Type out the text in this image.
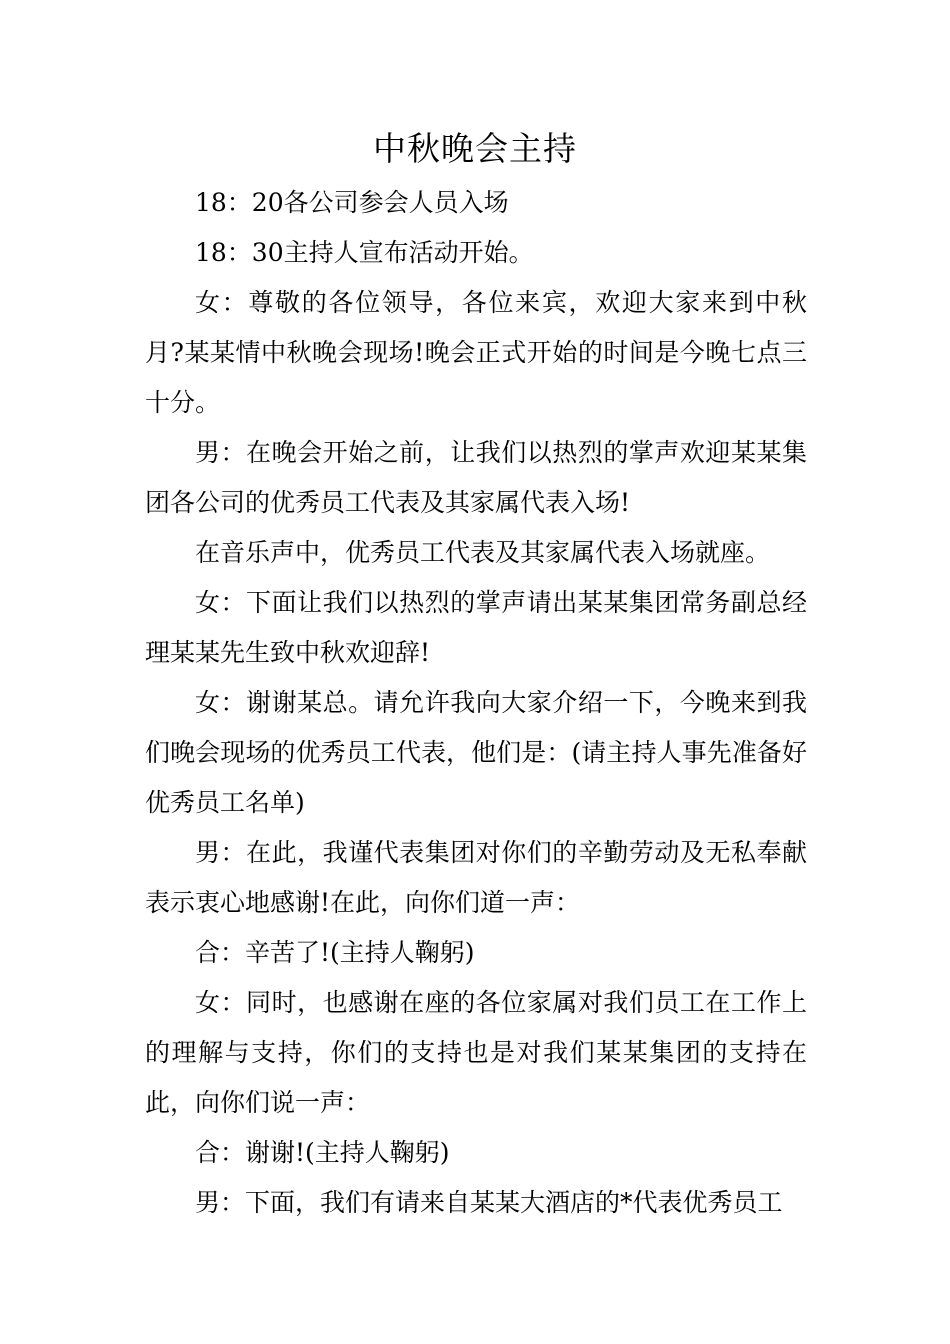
中秋晚会主持

18：20各公司参会人员入场

18：30主持人宣布活动开始。

女：尊敬的各位领导，各位来宾，欢迎大家来到中秋月?某某情中秋晚会现场!晚会正式开始的时间是今晚七点三十分。

男：在晚会开始之前，让我们以热烈的掌声欢迎某某集团各公司的优秀员工代表及其家属代表入场!

在音乐声中，优秀员工代表及其家属代表入场就座。

女：下面让我们以热烈的掌声请出某某集团常务副总经理某某先生致中秋欢迎辞!

女：谢谢某总。请允许我向大家介绍一下，今晚来到我们晚会现场的优秀员工代表，他们是：(请主持人事先准备好优秀员工名单)

男：在此，我谨代表集团对你们的辛勤劳动及无私奉献表示衷心地感谢!在此，向你们道一声：

合：辛苦了!(主持人鞠躬)

女：同时，也感谢在座的各位家属对我们员工在工作上的理解与支持，你们的支持也是对我们某某集团的支持在此，向你们说一声：

合：谢谢!(主持人鞠躬)

男：下面，我们有请来自某某大酒店的*代表优秀员工
